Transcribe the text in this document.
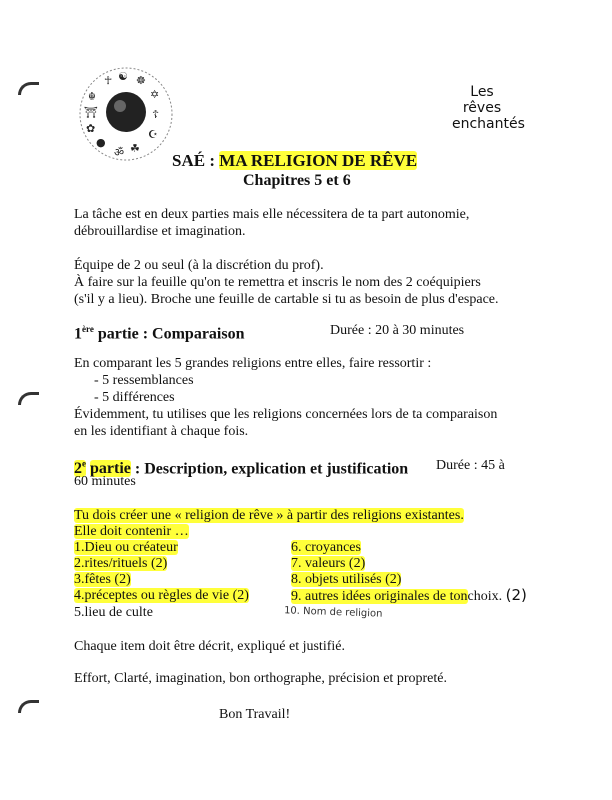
☯ ☸
✡
☦
☪
☘
ॐ
●
✿
⛩
☬
☥
Les
rêves
enchantés
SAÉ : MA RELIGION DE RÊVE
Chapitres 5 et 6
La tâche est en deux parties mais elle nécessitera de ta part autonomie,
débrouillardise et imagination.
Équipe de 2 ou seul (à la discrétion du prof).
À faire sur la feuille qu'on te remettra et inscris le nom des 2 coéquipiers
(s'il y a lieu). Broche une feuille de cartable si tu as besoin de plus d'espace.
1ère partie : Comparaison	Durée : 20 à 30 minutes
En comparant les 5 grandes religions entre elles, faire ressortir :
- 5 ressemblances
- 5 différences
Évidemment, tu utilises que les religions concernées lors de ta comparaison
en les identifiant à chaque fois.
2e partie : Description, explication et justification Durée : 45 à
60 minutes
Tu dois créer une « religion de rêve » à partir des religions existantes.
Elle doit contenir …
1.Dieu ou créateur
2.rites/rituels (2)
3.fêtes (2)
4.préceptes ou règles de vie (2)
5.lieu de culte
6. croyances
7. valeurs (2)
8. objets utilisés (2)
9. autres idées originales de tonchoix. (2)
10. Nom de religion
Chaque item doit être décrit, expliqué et justifié.
Effort, Clarté, imagination, bon orthographe, précision et propreté.
Bon Travail!
